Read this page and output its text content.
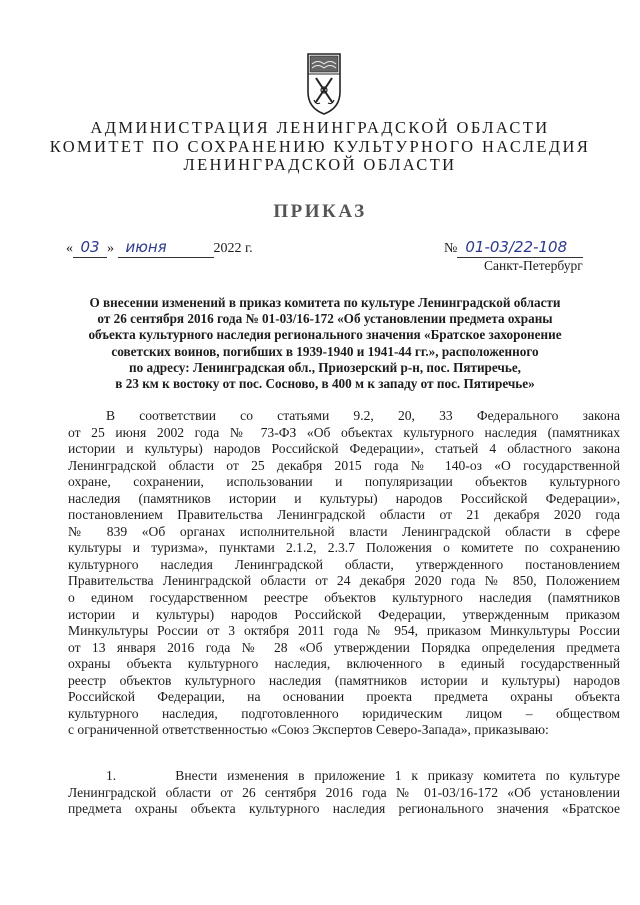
АДМИНИСТРАЦИЯ ЛЕНИНГРАДСКОЙ ОБЛАСТИ
КОМИТЕТ ПО СОХРАНЕНИЮ КУЛЬТУРНОГО НАСЛЕДИЯ
ЛЕНИНГРАДСКОЙ ОБЛАСТИ
ПРИКАЗ
« 03 » июня	2022 г.	№ 01-03/22-108
Санкт-Петербург
О внесении изменений в приказ комитета по культуре Ленинградской области
от 26 сентября 2016 года № 01-03/16-172 «Об установлении предмета охраны
объекта культурного наследия регионального значения «Братское захоронение
советских воинов, погибших в 1939-1940 и 1941-44 гг.», расположенного
по адресу: Ленинградская обл., Приозерский р-н, пос. Пятиречье,
в 23 км к востоку от пос. Сосново, в 400 м к западу от пос. Пятиречье»
В соответствии со статьями 9.2, 20, 33 Федерального закона
от 25 июня 2002 года № 73-ФЗ «Об объектах культурного наследия (памятниках
истории и культуры) народов Российской Федерации», статьей 4 областного закона
Ленинградской области от 25 декабря 2015 года № 140-оз «О государственной
охране, сохранении, использовании и популяризации объектов культурного
наследия (памятников истории и культуры) народов Российской Федерации»,
постановлением Правительства Ленинградской области от 21 декабря 2020 года
№ 839 «Об органах исполнительной власти Ленинградской области в сфере
культуры и туризма», пунктами 2.1.2, 2.3.7 Положения о комитете по сохранению
культурного наследия Ленинградской области, утвержденного постановлением
Правительства Ленинградской области от 24 декабря 2020 года № 850, Положением
о едином государственном реестре объектов культурного наследия (памятников
истории и культуры) народов Российской Федерации, утвержденным приказом
Минкультуры России от 3 октября 2011 года № 954, приказом Минкультуры России
от 13 января 2016 года № 28 «Об утверждении Порядка определения предмета
охраны объекта культурного наследия, включенного в единый государственный
реестр объектов культурного наследия (памятников истории и культуры) народов
Российской Федерации, на основании проекта предмета охраны объекта
культурного наследия, подготовленного юридическим лицом – обществом
с ограниченной ответственностью «Союз Экспертов Северо-Запада», приказываю:
1.      Внести изменения в приложение 1 к приказу комитета по культуре
Ленинградской области от 26 сентября 2016 года № 01-03/16-172 «Об установлении
предмета охраны объекта культурного наследия регионального значения «Братское
